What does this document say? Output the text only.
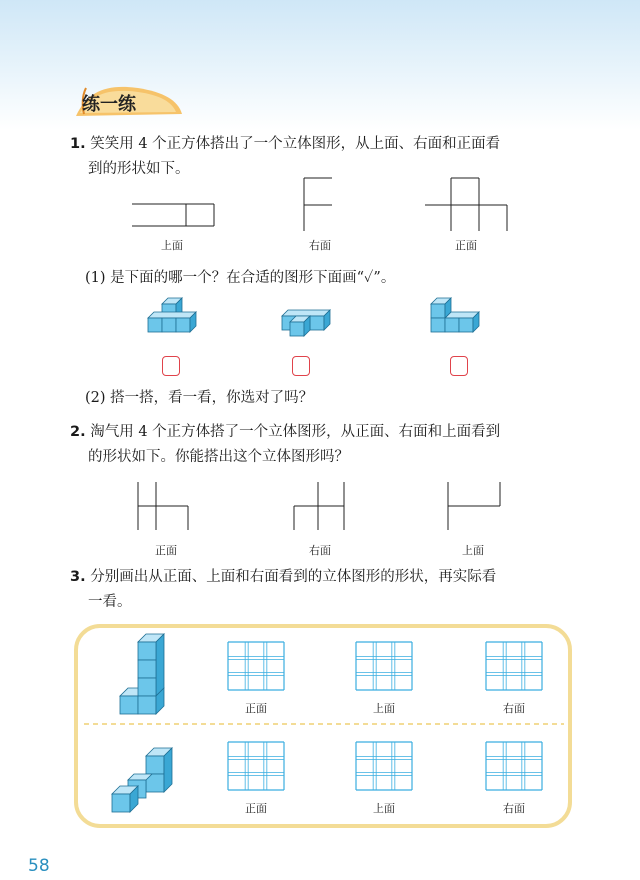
练一练
1. 笑笑用 4 个正方体搭出了一个立体图形，从上面、右面和正面看
到的形状如下。
上面	右面	正面
(1) 是下面的哪一个？在合适的图形下面画“✓”。
(2) 搭一搭，看一看，你选对了吗？
2. 淘气用 4 个正方体搭了一个立体图形，从正面、右面和上面看到
的形状如下。你能搭出这个立体图形吗？
正面	右面	上面
3. 分别画出从正面、上面和右面看到的立体图形的形状，再实际看
一看。
正面	上面	右面
正面	上面	右面
58
